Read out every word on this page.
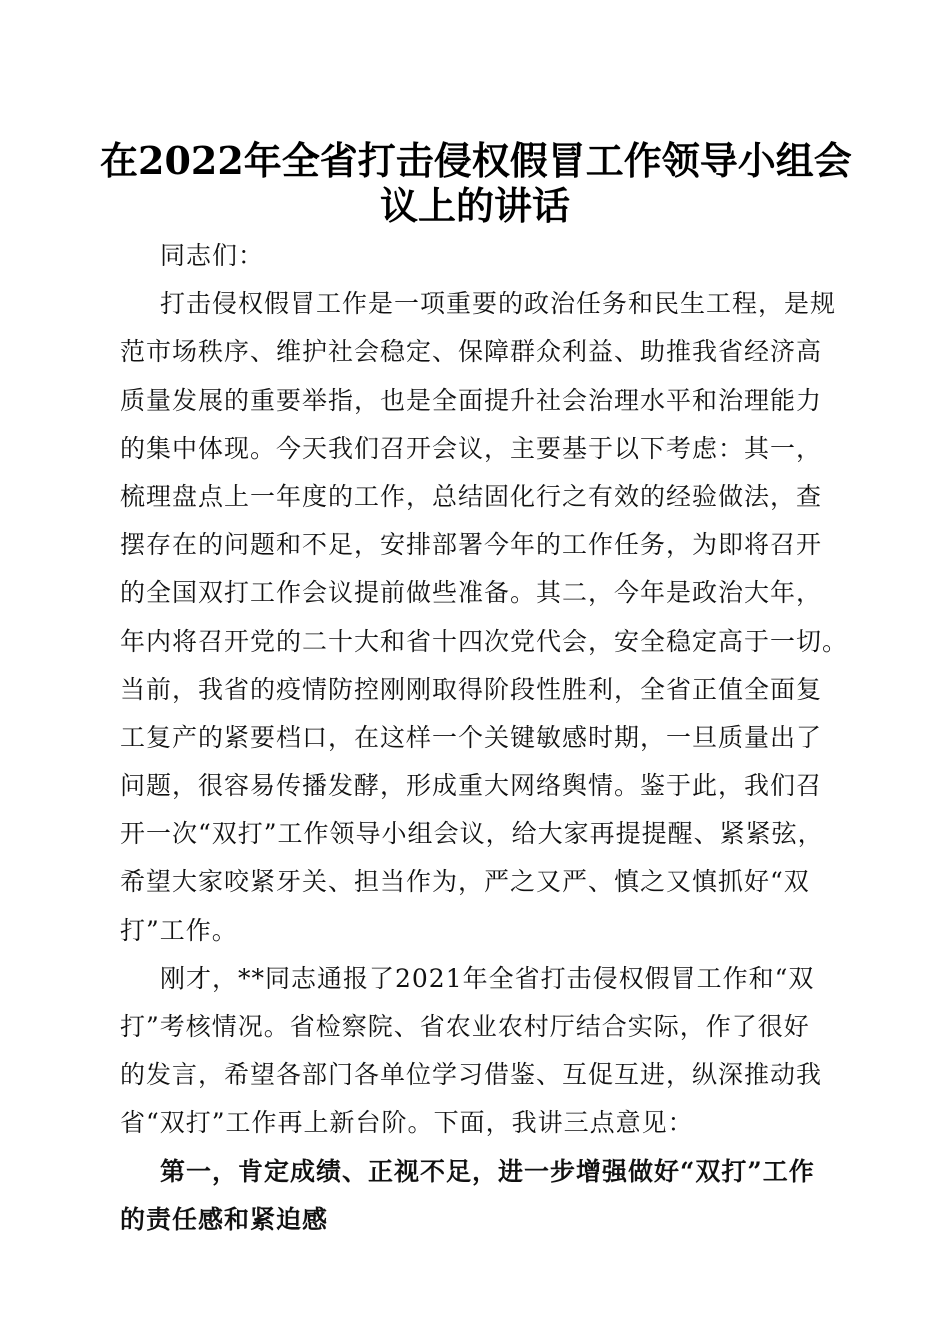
在2022年全省打击侵权假冒工作领导小组会
议上的讲话
同志们：
打击侵权假冒工作是一项重要的政治任务和民生工程，是规
范市场秩序、维护社会稳定、保障群众利益、助推我省经济高
质量发展的重要举指，也是全面提升社会治理水平和治理能力
的集中体现。今天我们召开会议，主要基于以下考虑：其一，
梳理盘点上一年度的工作，总结固化行之有效的经验做法，查
摆存在的问题和不足，安排部署今年的工作任务，为即将召开
的全国双打工作会议提前做些准备。其二，今年是政治大年，
年内将召开党的二十大和省十四次党代会，安全稳定高于一切。
当前，我省的疫情防控刚刚取得阶段性胜利，全省正值全面复
工复产的紧要档口，在这样一个关键敏感时期，一旦质量出了
问题，很容易传播发酵，形成重大网络舆情。鉴于此，我们召
开一次“双打”工作领导小组会议，给大家再提提醒、紧紧弦，
希望大家咬紧牙关、担当作为，严之又严、慎之又慎抓好“双
打”工作。
刚才，**同志通报了2021年全省打击侵权假冒工作和“双
打”考核情况。省检察院、省农业农村厅结合实际，作了很好
的发言，希望各部门各单位学习借鉴、互促互进，纵深推动我
省“双打”工作再上新台阶。下面，我讲三点意见：
第一，肯定成绩、正视不足，进一步增强做好“双打”工作
的责任感和紧迫感
